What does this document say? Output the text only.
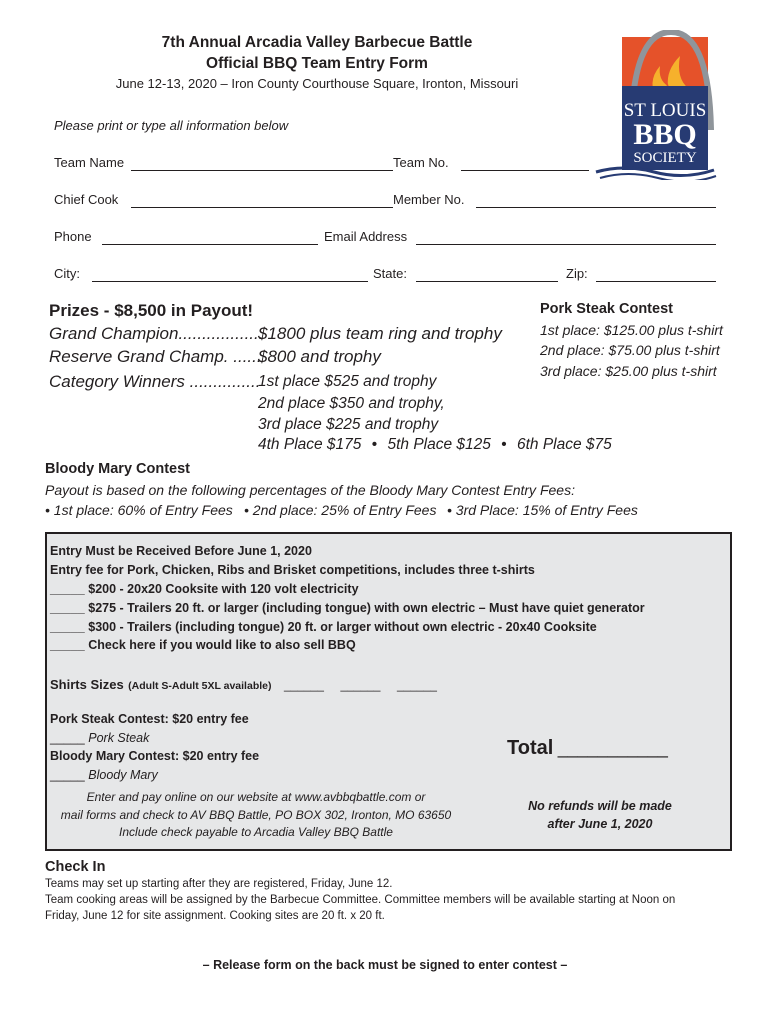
7th Annual Arcadia Valley Barbecue Battle
Official BBQ Team Entry Form
June 12-13, 2020 – Iron County Courthouse Square, Ironton, Missouri
ST LOUIS
BBQ
SOCIETY
Please print or type all information below
Team Name	Team No.
Chief Cook	Member No.
Phone	Email Address
City:	State:	Zip:
Prizes - $8,500 in Payout!
Grand Champion..................
$1800 plus team ring and trophy
Reserve Grand Champ. ......
$800 and trophy
Category Winners ...............
1st place $525 and trophy
2nd place $350 and trophy,
3rd place $225 and trophy
4th Place $175 • 5th Place $125 • 6th Place $75
Pork Steak Contest
1st place: $125.00 plus t-shirt
2nd place: $75.00 plus t-shirt
3rd place: $25.00 plus t-shirt
Bloody Mary Contest
Payout is based on the following percentages of the Bloody Mary Contest Entry Fees:
• 1st place: 60% of Entry Fees • 2nd place: 25% of Entry Fees • 3rd Place: 15% of Entry Fees
Entry Must be Received Before June 1, 2020
Entry fee for Pork, Chicken, Ribs and Brisket competitions, includes three t-shirts
_____ $200 - 20x20 Cooksite with 120 volt electricity
_____ $275 - Trailers 20 ft. or larger (including tongue) with own electric – Must have quiet generator
_____ $300 - Trailers (including tongue) 20 ft. or larger without own electric - 20x40 Cooksite
_____ Check here if you would like to also sell BBQ
Shirts Sizes (Adult S-Adult 5XL available) ______ ______ ______
Pork Steak Contest: $20 entry fee
_____ Pork Steak
Bloody Mary Contest: $20 entry fee
_____ Bloody Mary
Total ___________
Enter and pay online on our website at www.avbbqbattle.com or
mail forms and check to AV BBQ Battle, PO BOX 302, Ironton, MO 63650
Include check payable to Arcadia Valley BBQ Battle
No refunds will be made
after June 1, 2020
Check In
Teams may set up starting after they are registered, Friday, June 12.
Team cooking areas will be assigned by the Barbecue Committee. Committee members will be available starting at Noon on
Friday, June 12 for site assignment. Cooking sites are 20 ft. x 20 ft.
– Release form on the back must be signed to enter contest –
